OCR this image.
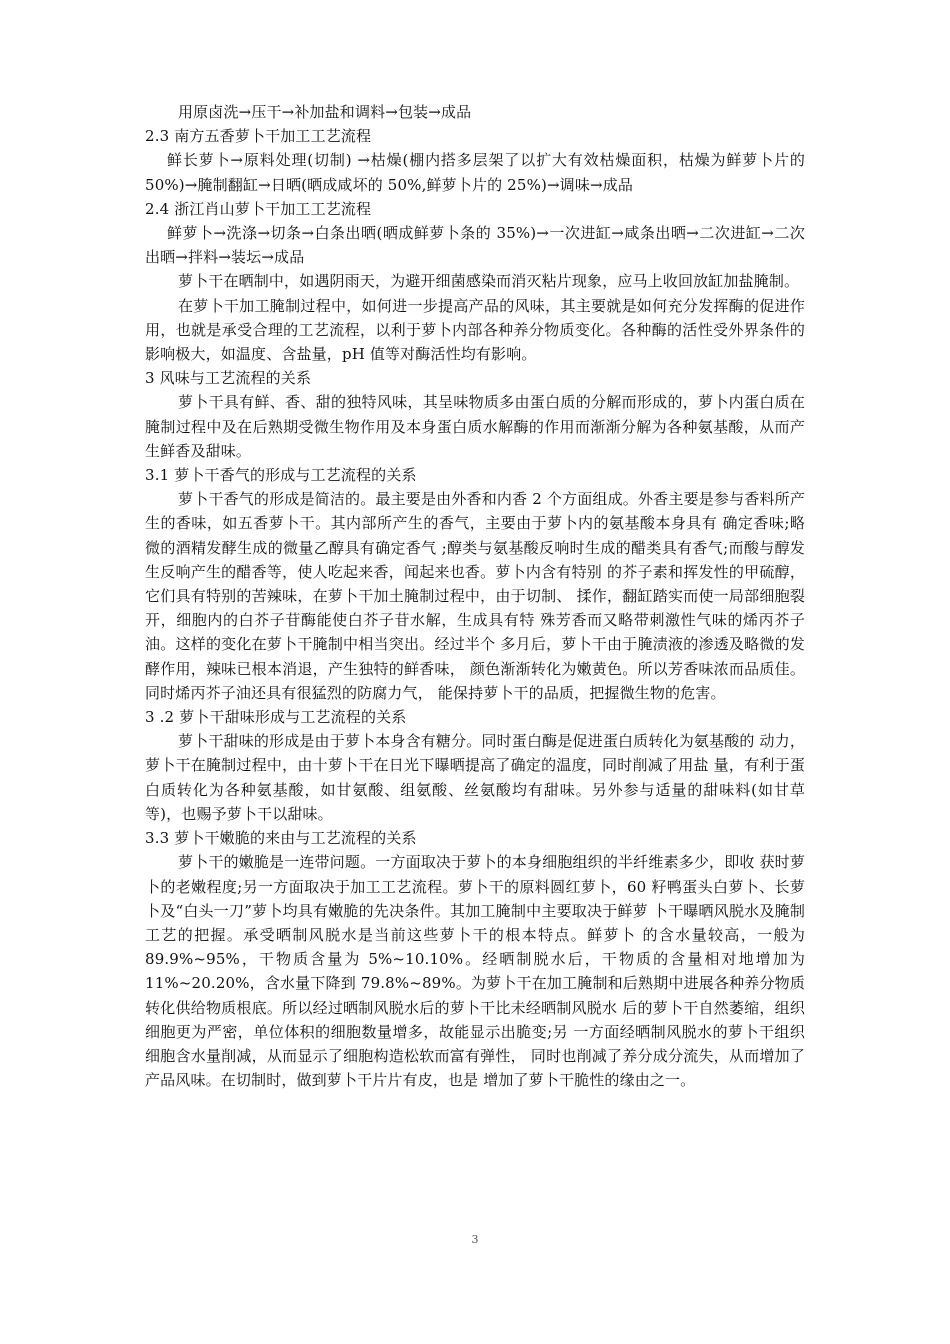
用原卤洗→压干→补加盐和调料→包装→成品

2.3 南方五香萝卜干加工工艺流程

鲜长萝卜→原料处理(切制) →枯燥(棚内搭多层架了以扩大有效枯燥面积，枯燥为鲜萝卜片的 50%)→腌制翻缸→日晒(晒成咸坏的 50%,鲜萝卜片的 25%)→调味→成品

2.4 浙江肖山萝卜干加工工艺流程

鲜萝卜→洗涤→切条→白条出晒(晒成鲜萝卜条的 35%)→一次进缸→咸条出晒→二次进缸→二次出晒→拌料→装坛→成品

萝卜干在晒制中，如遇阴雨天，为避开细菌感染而消灭粘片现象，应马上收回放缸加盐腌制。

在萝卜干加工腌制过程中，如何进一步提高产品的风味，其主要就是如何充分发挥酶的促进作用，也就是承受合理的工艺流程，以利于萝卜内部各种养分物质变化。各种酶的活性受外界条件的影响极大，如温度、含盐量，pH 值等对酶活性均有影响。

3 风味与工艺流程的关系

萝卜干具有鲜、香、甜的独特风味，其呈味物质多由蛋白质的分解而形成的，萝卜内蛋白质在腌制过程中及在后熟期受微生物作用及本身蛋白质水解酶的作用而渐渐分解为各种氨基酸，从而产生鲜香及甜味。

3.1 萝卜干香气的形成与工艺流程的关系

萝卜干香气的形成是简洁的。最主要是由外香和内香 2 个方面组成。外香主要是参与香料所产生的香味，如五香萝卜干。其内部所产生的香气，主要由于萝卜内的氨基酸本身具有 确定香味;略微的酒精发酵生成的微量乙醇具有确定香气 ;醇类与氨基酸反响时生成的醋类具有香气;而酸与醇发生反响产生的醋香等，使人吃起来香，闻起来也香。萝卜内含有特别 的芥子素和挥发性的甲硫醇，它们具有特别的苦辣味，在萝卜干加土腌制过程中，由于切制、 揉作，翻缸踏实而使一局部细胞裂开，细胞内的白芥子苷酶能使白芥子苷水解，生成具有特 殊芳香而又略带刺激性气味的烯丙芥子油。这样的变化在萝卜干腌制中相当突出。经过半个 多月后，萝卜干由于腌渍液的渗透及略微的发酵作用，辣味已根本消退，产生独特的鲜香味， 颜色渐渐转化为嫩黄色。所以芳香味浓而品质佳。同时烯丙芥子油还具有很猛烈的防腐力气， 能保持萝卜干的品质，把握微生物的危害。

3 .2 萝卜干甜味形成与工艺流程的关系

萝卜干甜味的形成是由于萝卜本身含有糖分。同时蛋白酶是促进蛋白质转化为氨基酸的 动力，萝卜干在腌制过程中，由十萝卜干在日光下曝晒提高了确定的温度，同时削减了用盐 量，有利于蛋白质转化为各种氨基酸，如甘氨酸、组氨酸、丝氨酸均有甜味。另外参与适量的甜味料(如甘草等)，也赐予萝卜干以甜味。

3.3 萝卜干嫩脆的来由与工艺流程的关系

萝卜干的嫩脆是一连带问题。一方面取决于萝卜的本身细胞组织的半纤维素多少，即收 获时萝卜的老嫩程度;另一方面取决于加工工艺流程。萝卜干的原料圆红萝卜，60 籽鸭蛋头白萝卜、长萝卜及“白头一刀”萝卜均具有嫩脆的先决条件。其加工腌制中主要取决于鲜萝 卜干曝晒风脱水及腌制工艺的把握。承受晒制风脱水是当前这些萝卜干的根本特点。鲜萝卜 的含水量较高，一般为 89.9%~95%，干物质含量为 5%~10.10%。经晒制脱水后，干物质的含量相对地增加为 11%~20.20%，含水量下降到 79.8%~89%。为萝卜干在加工腌制和后熟期中进展各种养分物质转化供给物质根底。所以经过晒制风脱水后的萝卜干比未经晒制风脱水 后的萝卜干自然萎缩，组织细胞更为严密，单位体积的细胞数量增多，故能显示出脆变;另 一方面经晒制风脱水的萝卜干组织细胞含水量削减，从而显示了细胞构造松软而富有弹性， 同时也削减了养分成分流失，从而增加了产品风味。在切制时，做到萝卜干片片有皮，也是 增加了萝卜干脆性的缘由之一。

3
